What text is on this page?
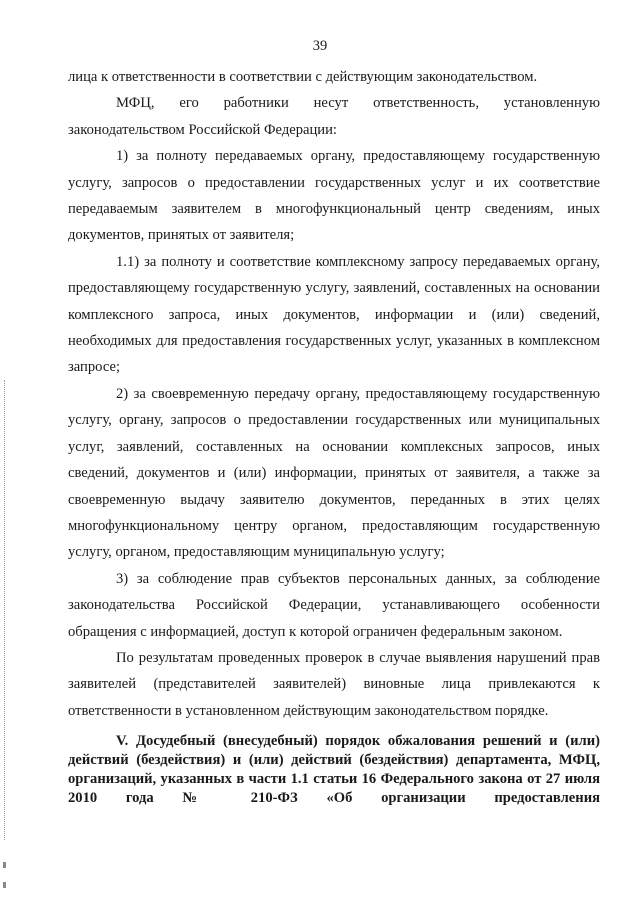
39

лица к ответственности в соответствии с действующим законодательством.

МФЦ, его работники несут ответственность, установленную законодательством Российской Федерации:

1) за полноту передаваемых органу, предоставляющему государственную услугу, запросов о предоставлении государственных услуг и их соответствие передаваемым заявителем в многофункциональный центр сведениям, иных документов, принятых от заявителя;

1.1) за полноту и соответствие комплексному запросу передаваемых органу, предоставляющему государственную услугу, заявлений, составленных на основании комплексного запроса, иных документов, информации и (или) сведений, необходимых для предоставления государственных услуг, указанных в комплексном запросе;

2) за своевременную передачу органу, предоставляющему государственную услугу, органу, запросов о предоставлении государственных или муниципальных услуг, заявлений, составленных на основании комплексных запросов, иных сведений, документов и (или) информации, принятых от заявителя, а также за своевременную выдачу заявителю документов, переданных в этих целях многофункциональному центру органом, предоставляющим государственную услугу, органом, предоставляющим муниципальную услугу;

3) за соблюдение прав субъектов персональных данных, за соблюдение законодательства Российской Федерации, устанавливающего особенности обращения с информацией, доступ к которой ограничен федеральным законом.

По результатам проведенных проверок в случае выявления нарушений прав заявителей (представителей заявителей) виновные лица привлекаются к ответственности в установленном действующим законодательством порядке.

V. Досудебный (внесудебный) порядок обжалования решений и (или) действий (бездействия) и (или) действий (бездействия) департамента, МФЦ, организаций, указанных в части 1.1 статьи 16 Федерального закона от 27 июля 2010 года № 210-ФЗ «Об организации предоставления
